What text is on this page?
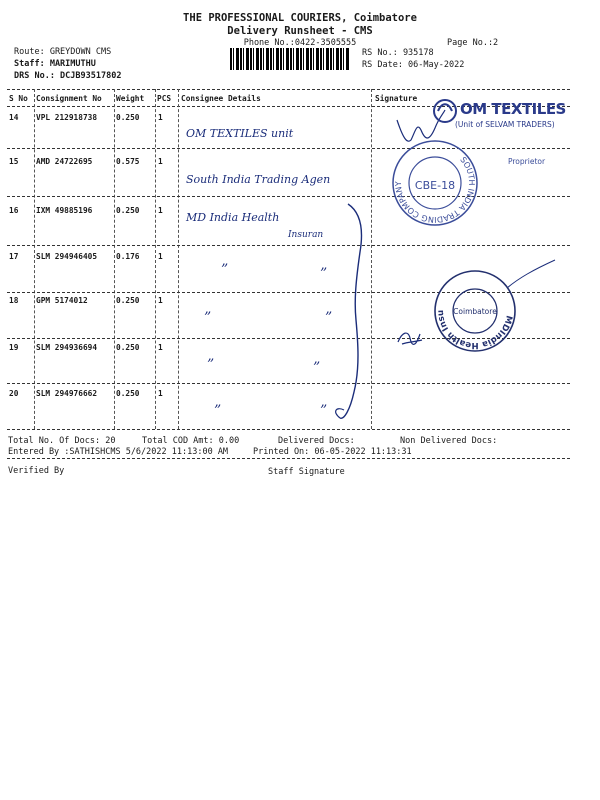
THE PROFESSIONAL COURIERS, Coimbatore
Delivery Runsheet - CMS
Phone No.:0422-3505555	Page No.:2
Route: GREYDOWN CMS
Staff: MARIMUTHU
DRS No.: DCJB93517802
RS No.: 935178
RS Date: 06-May-2022
S No Consignment No Weight PCS Consignee Details	Signature
14 VPL 212918738 0.250 1
OM TEXTILES unit
15 AMD 24722695	0.575 1
South India Trading Agen
16 IXM 49885196	0.250 1
MD India Health
Insuran
17 SLM 294946405 0.176 1
”	”
18 GPM 5174012	0.250 1
”	”
19 SLM 294936694 0.250 1
”	”
20 SLM 294976662 0.250 1
”	”
Total No. Of Docs: 20	Total COD Amt: 0.00	Delivered Docs:	Non Delivered Docs:
Entered By :SATHISHCMS 5/6/2022 11:13:00 AM	Printed On: 06-05-2022 11:13:31
Verified By	Staff Signature
OM TEXTILES
(Unit of SELVAM TRADERS)
SOUTH INDIA TRADING COMPANY	CBE-18
Proprietor
MDIndia Health Insurance (TPA) Pvt Ltd
Coimbatore
